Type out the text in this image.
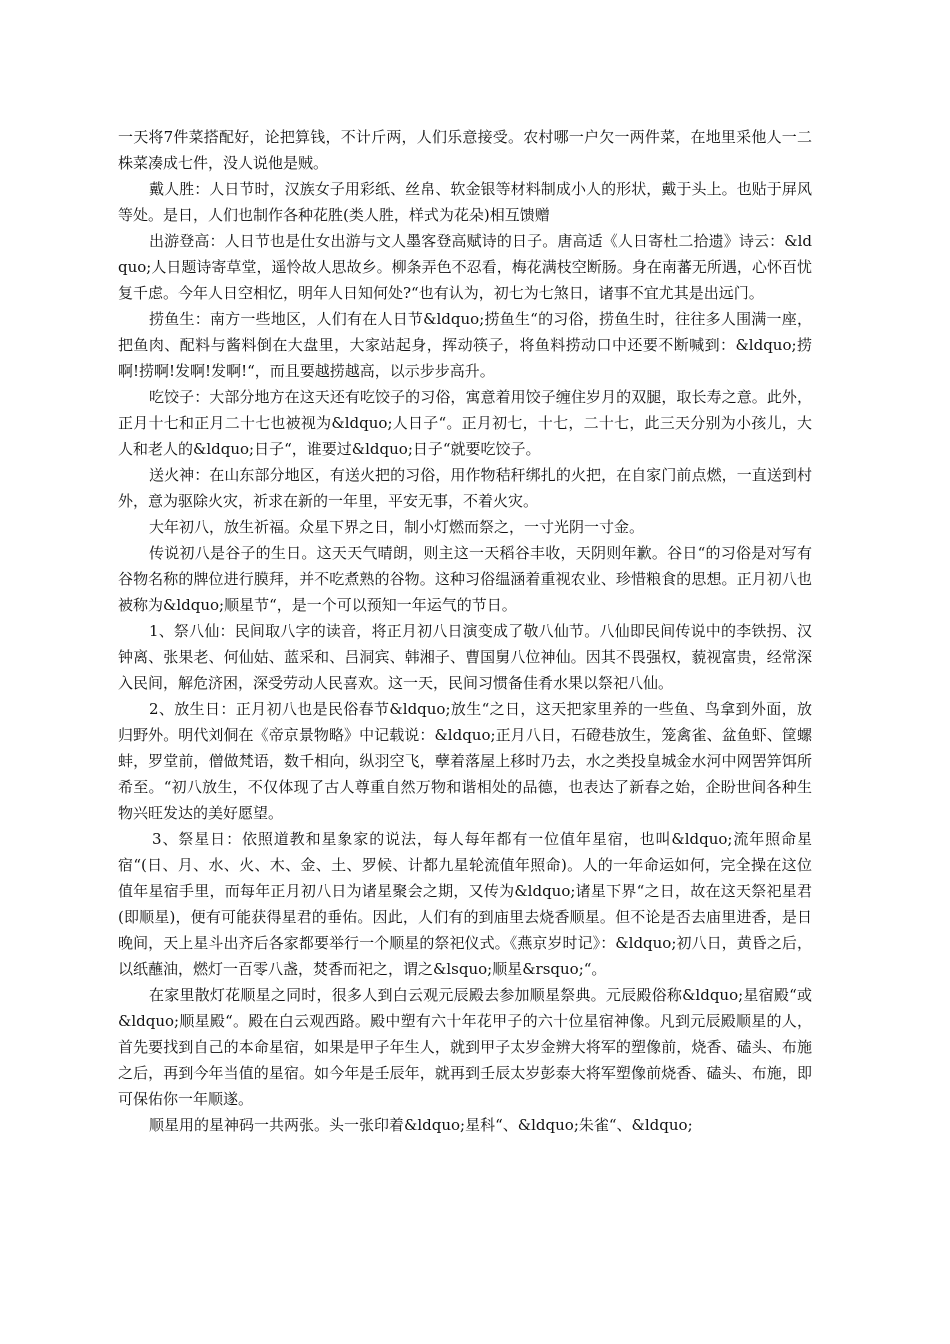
一天将7件菜搭配好，论把算钱，不计斤两，人们乐意接受。农村哪一户欠一两件菜，在地里采他人一二株菜凑成七件，没人说他是贼。

戴人胜：人日节时，汉族女子用彩纸、丝帛、软金银等材料制成小人的形状，戴于头上。也贴于屏风等处。是日，人们也制作各种花胜(类人胜，样式为花朵)相互馈赠

出游登高：人日节也是仕女出游与文人墨客登高赋诗的日子。唐高适《人日寄杜二拾遗》诗云：&ldquo;人日题诗寄草堂，遥怜故人思故乡。柳条弄色不忍看，梅花满枝空断肠。身在南蕃无所遇，心怀百忧复千虑。今年人日空相忆，明年人日知何处?“也有认为，初七为七煞日，诸事不宜尤其是出远门。

捞鱼生：南方一些地区，人们有在人日节&ldquo;捞鱼生“的习俗，捞鱼生时，往往多人围满一座，把鱼肉、配料与酱料倒在大盘里，大家站起身，挥动筷子，将鱼料捞动口中还要不断喊到：&ldquo;捞啊!捞啊!发啊!发啊!“，而且要越捞越高，以示步步高升。

吃饺子：大部分地方在这天还有吃饺子的习俗，寓意着用饺子缠住岁月的双腿，取长寿之意。此外，正月十七和正月二十七也被视为&ldquo;人日子“。正月初七，十七，二十七，此三天分别为小孩儿，大人和老人的&ldquo;日子“，谁要过&ldquo;日子“就要吃饺子。

送火神：在山东部分地区，有送火把的习俗，用作物秸秆绑扎的火把，在自家门前点燃，一直送到村外，意为驱除火灾，祈求在新的一年里，平安无事，不着火灾。

大年初八，放生祈福。众星下界之日，制小灯燃而祭之，一寸光阴一寸金。

传说初八是谷子的生日。这天天气晴朗，则主这一天稻谷丰收，天阴则年歉。谷日“的习俗是对写有谷物名称的牌位进行膜拜，并不吃煮熟的谷物。这种习俗缊涵着重视农业、珍惜粮食的思想。正月初八也被称为&ldquo;顺星节“，是一个可以预知一年运气的节日。

1、祭八仙：民间取八字的读音，将正月初八日演变成了敬八仙节。八仙即民间传说中的李铁拐、汉钟离、张果老、何仙姑、蓝采和、吕洞宾、韩湘子、曹国舅八位神仙。因其不畏强权，藐视富贵，经常深入民间，解危济困，深受劳动人民喜欢。这一天，民间习惯备佳肴水果以祭祀八仙。

2、放生日：正月初八也是民俗春节&ldquo;放生“之日，这天把家里养的一些鱼、鸟拿到外面，放归野外。明代刘侗在《帝京景物略》中记载说：&ldquo;正月八日，石磴巷放生，笼禽雀、盆鱼虾、筐螺蚌，罗堂前，僧做梵语，数千相向，纵羽空飞，孽着落屋上移时乃去，水之类投皇城金水河中网罟笄饵所希至。“初八放生，不仅体现了古人尊重自然万物和谐相处的品德，也表达了新春之始，企盼世间各种生物兴旺发达的美好愿望。

3、祭星日：依照道教和星象家的说法，每人每年都有一位值年星宿，也叫&ldquo;流年照命星宿“(日、月、水、火、木、金、土、罗候、计都九星轮流值年照命)。人的一年命运如何，完全操在这位值年星宿手里，而每年正月初八日为诸星聚会之期，又传为&ldquo;诸星下界“之日，故在这天祭祀星君(即顺星)，便有可能获得星君的垂佑。因此，人们有的到庙里去烧香顺星。但不论是否去庙里进香，是日晚间，天上星斗出齐后各家都要举行一个顺星的祭祀仪式。《燕京岁时记》：&ldquo;初八日，黄昏之后，以纸蘸油，燃灯一百零八盏，焚香而祀之，谓之&lsquo;顺星&rsquo;“。

在家里散灯花顺星之同时，很多人到白云观元辰殿去参加顺星祭典。元辰殿俗称&ldquo;星宿殿“或&ldquo;顺星殿“。殿在白云观西路。殿中塑有六十年花甲子的六十位星宿神像。凡到元辰殿顺星的人，首先要找到自己的本命星宿，如果是甲子年生人，就到甲子太岁金辨大将军的塑像前，烧香、磕头、布施之后，再到今年当值的星宿。如今年是壬辰年，就再到壬辰太岁彭泰大将军塑像前烧香、磕头、布施，即可保佑你一年顺遂。

顺星用的星神码一共两张。头一张印着&ldquo;星科“、&ldquo;朱雀“、&ldquo;
